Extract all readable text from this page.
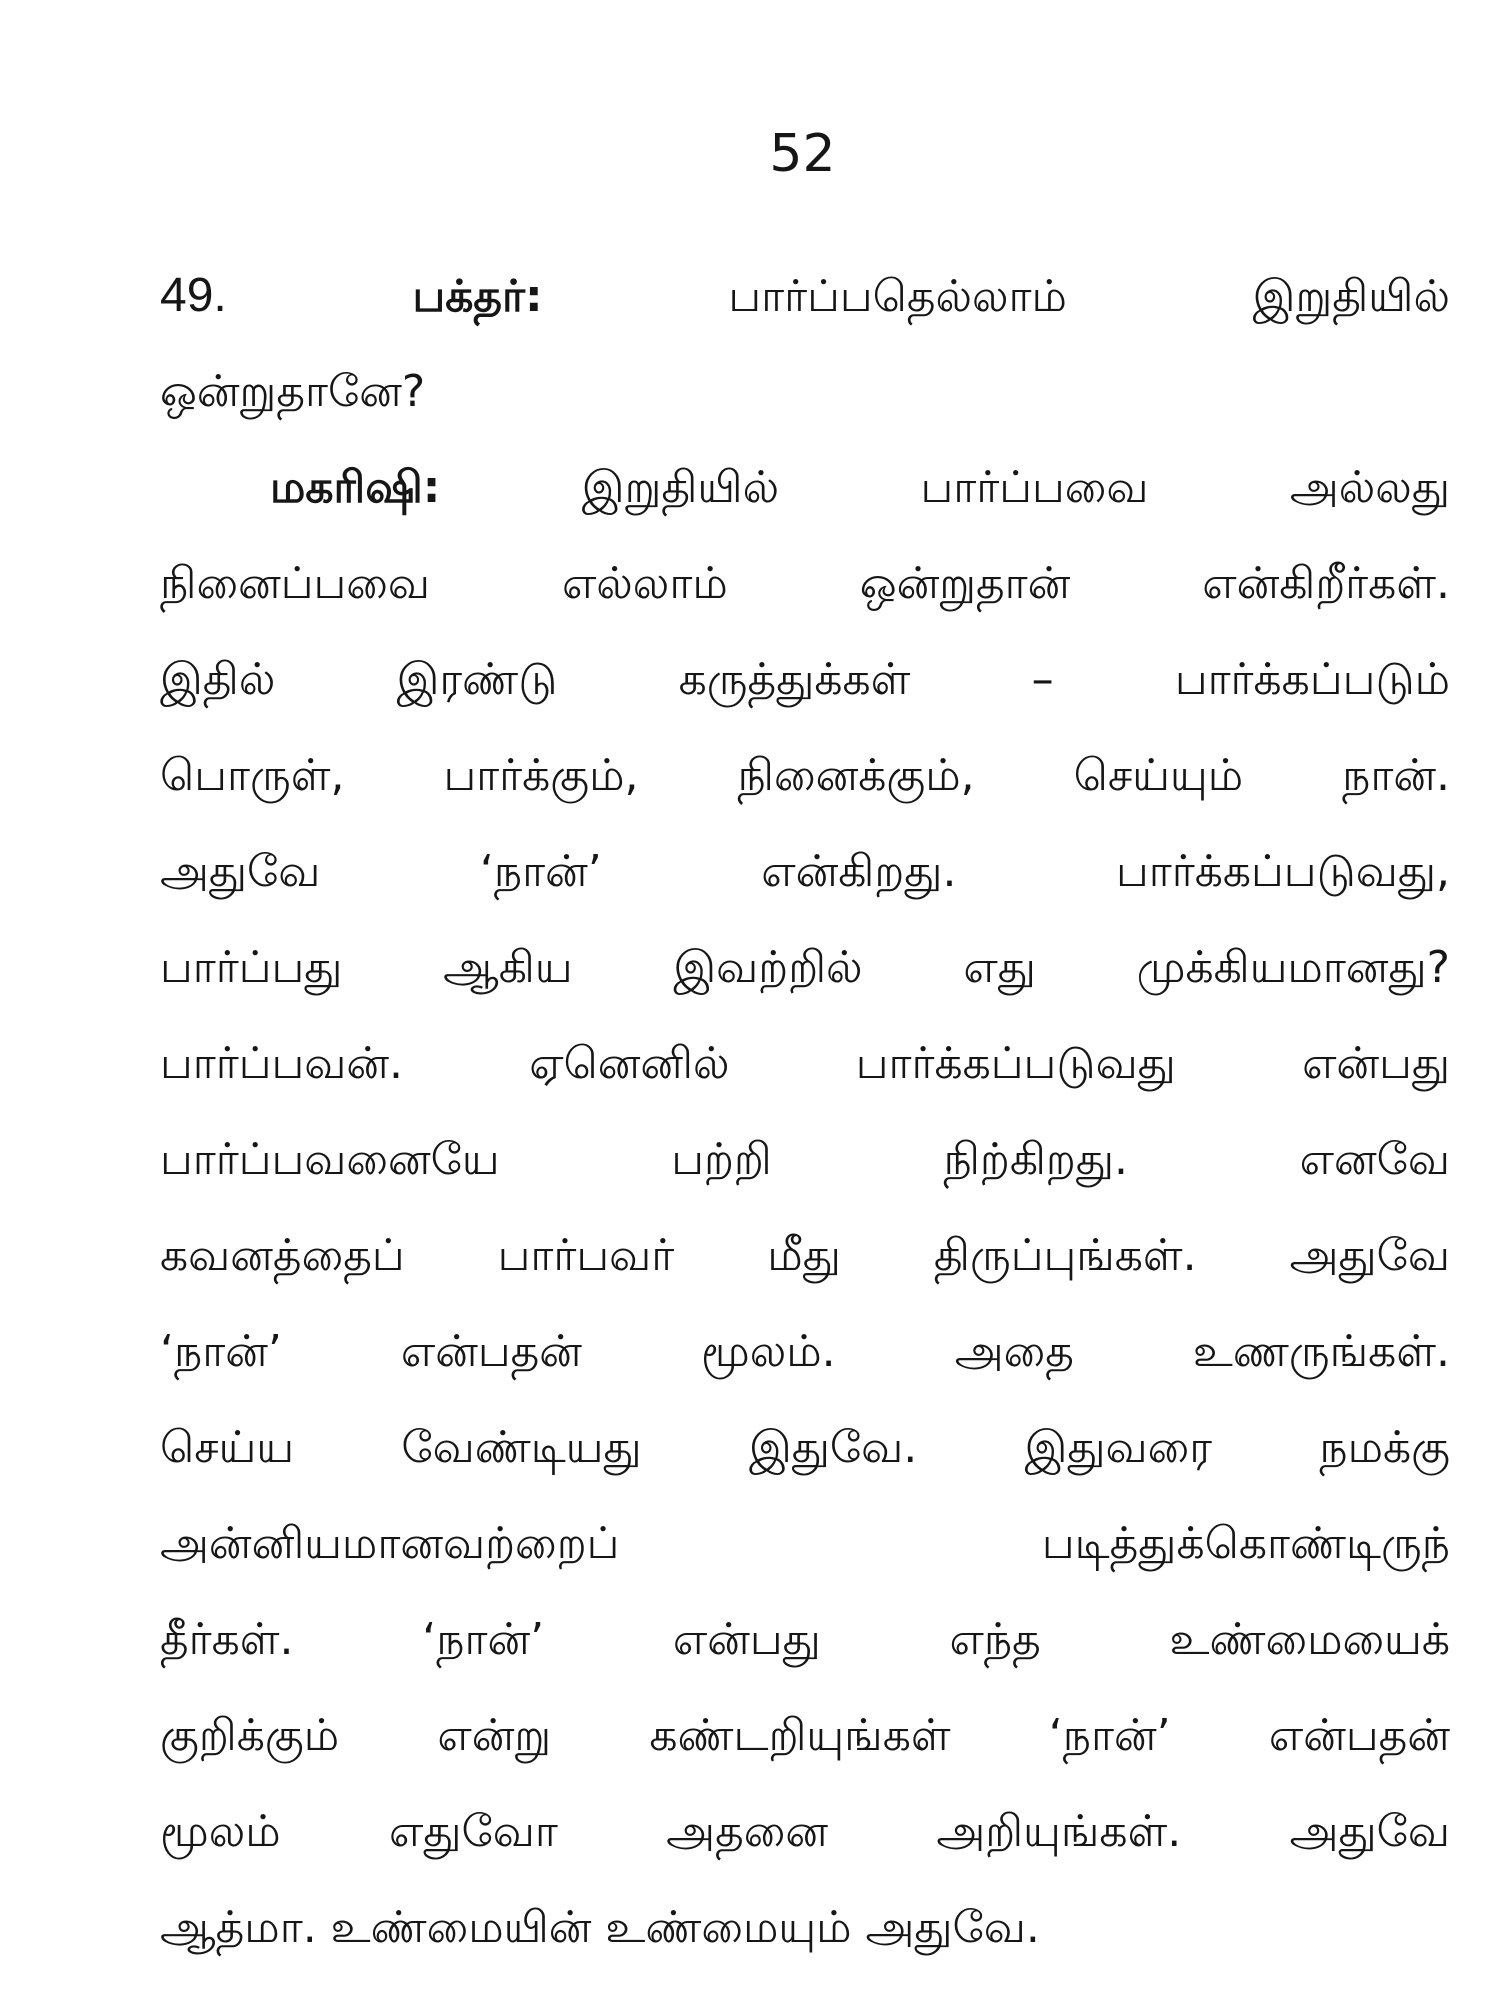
52
49.	பக்தர்:	பார்ப்பதெல்லாம் இறுதியில்
ஒன்றுதானே?
மகரிஷி:	இறுதியில் பார்ப்பவை அல்லது
நினைப்பவை எல்லாம் ஒன்றுதான் என்கிறீர்கள்.
இதில் இரண்டு கருத்துக்கள் – பார்க்கப்படும்
பொருள், பார்க்கும், நினைக்கும், செய்யும் நான்.
அதுவே ‘நான்’ என்கிறது. பார்க்கப்படுவது,
பார்ப்பது ஆகிய இவற்றில் எது முக்கியமானது?
பார்ப்பவன். ஏனெனில் பார்க்கப்படுவது என்பது
பார்ப்பவனையே பற்றி நிற்கிறது. எனவே
கவனத்தைப் பார்பவர் மீது திருப்புங்கள். அதுவே
‘நான்’ என்பதன் மூலம். அதை உணருங்கள்.
செய்ய வேண்டியது இதுவே. இதுவரை நமக்கு
அன்னியமானவற்றைப் படித்துக்கொண்டிருந்
தீர்கள். ‘நான்’ என்பது எந்த உண்மையைக்
குறிக்கும் என்று கண்டறியுங்கள் ‘நான்’ என்பதன்
மூலம் எதுவோ அதனை அறியுங்கள். அதுவே
ஆத்மா. உண்மையின் உண்மையும் அதுவே.
